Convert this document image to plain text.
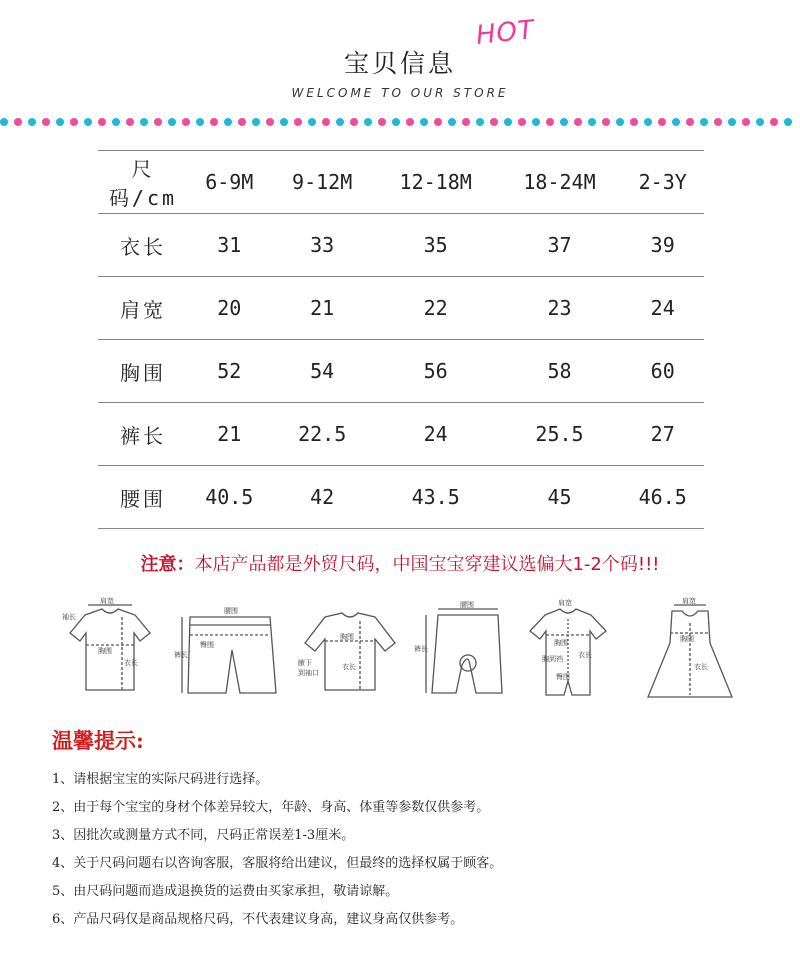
宝贝信息
HOT
WELCOME TO OUR STORE
尺码/cm	6-9M	9-12M	12-18M	18-24M	2-3Y
衣长	31	33	35	37	39
肩宽	20	21	22	23	24
胸围	52	54	56	58	60
裤长	21	22.5	24	25.5	27
腰围	40.5	42	43.5	45	46.5
注意：本店产品都是外贸尺码，中国宝宝穿建议选偏大1-2个码!!!
肩宽
袖长
胸围
衣长
腰围
臀围
裤长
胸围
衣长
腋下
到袖口
腰围
裤长
肩宽
胸围
衣长
胸到裆
臀围
肩宽
胸围
衣长
温馨提示:
1、请根据宝宝的实际尺码进行选择。
2、由于每个宝宝的身材个体差异较大，年龄、身高、体重等参数仅供参考。
3、因批次或测量方式不同，尺码正常误差1-3厘米。
4、关于尺码问题右以咨询客服，客服将给出建议，但最终的选择权属于顾客。
5、由尺码问题而造成退换货的运费由买家承担，敬请谅解。
6、产品尺码仅是商品规格尺码，不代表建议身高，建议身高仅供参考。
